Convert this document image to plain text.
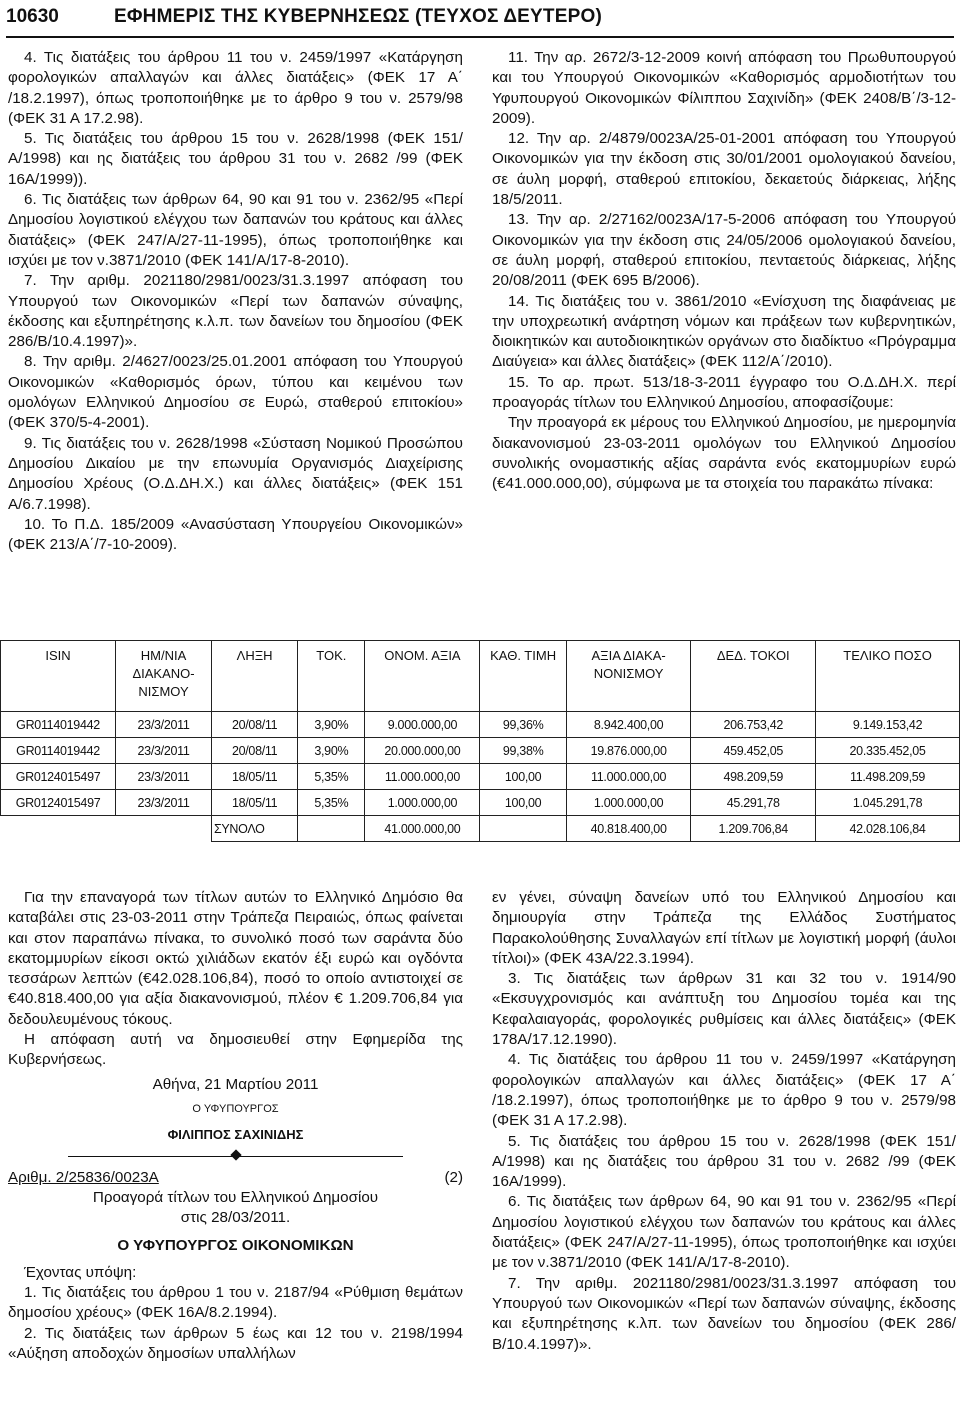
10630	ΕΦΗΜΕΡΙΣ ΤΗΣ ΚΥΒΕΡΝΗΣΕΩΣ (ΤΕΥΧΟΣ ΔΕΥΤΕΡΟ)

4. Τις διατάξεις του άρθρου 11 του ν. 2459/1997 «Κατάργηση φορολογικών απαλλαγών και άλλες διατάξεις» (ΦΕΚ 17 Α΄ /18.2.1997), όπως τροποποιήθηκε με το άρθρο 9 του ν. 2579/98 (ΦΕΚ 31 Α 17.2.98).

5. Τις διατάξεις του άρθρου 15 του ν. 2628/1998 (ΦΕΚ 151/Α/1998) και ης διατάξεις του άρθρου 31 του ν. 2682 /99 (ΦΕΚ 16Α/1999)).

6. Τις διατάξεις των άρθρων 64, 90 και 91 του ν. 2362/95 «Περί Δημοσίου λογιστικού ελέγχου των δαπανών του κράτους και άλλες διατάξεις» (ΦΕΚ 247/Α/27-11-1995), όπως τροποποιήθηκε και ισχύει με τον ν.3871/2010 (ΦΕΚ 141/Α/17-8-2010).

7. Την αριθμ. 2021180/2981/0023/31.3.1997 απόφαση του Υπουργού των Οικονομικών «Περί των δαπανών σύναψης, έκδοσης και εξυπηρέτησης κ.λ.π. των δανείων του δημοσίου (ΦΕΚ 286/Β/10.4.1997)».

8. Την αριθμ. 2/4627/0023/25.01.2001 απόφαση του Υπουργού Οικονομικών «Καθορισμός όρων, τύπου και κειμένου των ομολόγων Ελληνικού Δημοσίου σε Ευρώ, σταθερού επιτοκίου» (ΦΕΚ 370/5-4-2001).

9. Τις διατάξεις του ν. 2628/1998 «Σύσταση Νομικού Προσώπου Δημοσίου Δικαίου με την επωνυμία Οργανισμός Διαχείρισης Δημοσίου Χρέους (Ο.Δ.ΔΗ.Χ.) και άλλες διατάξεις» (ΦΕΚ 151 Α/6.7.1998).

10. Το Π.Δ. 185/2009 «Ανασύσταση Υπουργείου Οικονομικών» (ΦΕΚ 213/Α΄/7-10-2009).

11. Την αρ. 2672/3-12-2009 κοινή απόφαση του Πρωθυπουργού και του Υπουργού Οικονομικών «Καθορισμός αρμοδιοτήτων του Υφυπουργού Οικονομικών Φίλιππου Σαχινίδη» (ΦΕΚ 2408/Β΄/3-12-2009).

12. Την αρ. 2/4879/0023Α/25-01-2001 απόφαση του Υπουργού Οικονομικών για την έκδοση στις 30/01/2001 ομολογιακού δανείου, σε άυλη μορφή, σταθερού επιτοκίου, δεκαετούς διάρκειας, λήξης 18/5/2011.

13. Την αρ. 2/27162/0023Α/17-5-2006 απόφαση του Υπουργού Οικονομικών για την έκδοση στις 24/05/2006 ομολογιακού δανείου, σε άυλη μορφή, σταθερού επιτοκίου, πενταετούς διάρκειας, λήξης 20/08/2011 (ΦΕΚ 695 Β/2006).

14. Τις διατάξεις του ν. 3861/2010 «Ενίσχυση της διαφάνειας με την υποχρεωτική ανάρτηση νόμων και πράξεων των κυβερνητικών, διοικητικών και αυτοδιοικητικών οργάνων στο διαδίκτυο «Πρόγραμμα Διαύγεια» και άλλες διατάξεις» (ΦΕΚ 112/Α΄/2010).

15. Το αρ. πρωτ. 513/18-3-2011 έγγραφο του Ο.Δ.ΔΗ.Χ. περί προαγοράς τίτλων του Ελληνικού Δημοσίου, αποφασίζουμε:

Την προαγορά εκ μέρους του Ελληνικού Δημοσίου, με ημερομηνία διακανονισμού 23-03-2011 ομολόγων του Ελληνικού Δημοσίου συνολικής ονομαστικής αξίας σαράντα ενός εκατομμυρίων ευρώ (€41.000.000,00), σύμφωνα με τα στοιχεία του παρακάτω πίνακα:

ISIN	ΗΜ/ΝΙΑ ΔΙΑΚΑΝΟ-ΝΙΣΜΟΥ	ΛΗΞΗ	ΤΟΚ.	ΟΝΟΜ. ΑΞΙΑ	ΚΑΘ. ΤΙΜΗ	ΑΞΙΑ ΔΙΑΚΑ-ΝΟΝΙΣΜΟΥ	ΔΕΔ. ΤΟΚΟΙ	ΤΕΛΙΚΟ ΠΟΣΟ
GR0114019442	23/3/2011	20/08/11	3,90%	9.000.000,00	99,36%	8.942.400,00	206.753,42	9.149.153,42
GR0114019442	23/3/2011	20/08/11	3,90%	20.000.000,00	99,38%	19.876.000,00	459.452,05	20.335.452,05
GR0124015497	23/3/2011	18/05/11	5,35%	11.000.000,00	100,00	11.000.000,00	498.209,59	11.498.209,59
GR0124015497	23/3/2011	18/05/11	5,35%	1.000.000,00	100,00	1.000.000,00	45.291,78	1.045.291,78
		ΣΥΝΟΛΟ		41.000.000,00		40.818.400,00	1.209.706,84	42.028.106,84

Για την επαναγορά των τίτλων αυτών το Ελληνικό Δημόσιο θα καταβάλει στις 23-03-2011 στην Τράπεζα Πειραιώς, όπως φαίνεται και στον παραπάνω πίνακα, το συνολικό ποσό των σαράντα δύο εκατομμυρίων είκοσι οκτώ χιλιάδων εκατόν έξι ευρώ και ογδόντα τεσσάρων λεπτών (€42.028.106,84), ποσό το οποίο αντιστοιχεί σε €40.818.400,00 για αξία διακανονισμού, πλέον € 1.209.706,84 για δεδουλευμένους τόκους.

Η απόφαση αυτή να δημοσιευθεί στην Εφημερίδα της Κυβερνήσεως.

Αθήνα, 21 Μαρτίου 2011

Ο ΥΦΥΠΟΥΡΓΟΣ

ΦΙΛΙΠΠΟΣ ΣΑΧΙΝΙΔΗΣ

Αριθμ. 2/25836/0023Α	(2)

Προαγορά τίτλων του Ελληνικού Δημοσίου

στις 28/03/2011.

Ο ΥΦΥΠΟΥΡΓΟΣ ΟΙΚΟΝΟΜΙΚΩΝ

Έχοντας υπόψη:

1. Τις διατάξεις του άρθρου 1 του ν. 2187/94 «Ρύθμιση θεμάτων δημοσίου χρέους» (ΦΕΚ 16Α/8.2.1994).

2. Τις διατάξεις των άρθρων 5 έως και 12 του ν. 2198/1994 «Αύξηση αποδοχών δημοσίων υπαλλήλων

εν γένει, σύναψη δανείων υπό του Ελληνικού Δημοσίου και δημιουργία στην Τράπεζα της Ελλάδος Συστήματος Παρακολούθησης Συναλλαγών επί τίτλων με λογιστική μορφή (άυλοι τίτλοι)» (ΦΕΚ 43Α/22.3.1994).

3. Τις διατάξεις των άρθρων 31 και 32 του ν. 1914/90 «Εκσυγχρονισμός και ανάπτυξη του Δημοσίου τομέα και της Κεφαλαιαγοράς, φορολογικές ρυθμίσεις και άλλες διατάξεις» (ΦΕΚ 178Α/17.12.1990).

4. Τις διατάξεις του άρθρου 11 του ν. 2459/1997 «Κατάργηση φορολογικών απαλλαγών και άλλες διατάξεις» (ΦΕΚ 17 Α΄ /18.2.1997), όπως τροποποιήθηκε με το άρθρο 9 του ν. 2579/98 (ΦΕΚ 31 Α 17.2.98).

5. Τις διατάξεις του άρθρου 15 του ν. 2628/1998 (ΦΕΚ 151/Α/1998) και ης διατάξεις του άρθρου 31 του ν. 2682 /99 (ΦΕΚ 16Α/1999).

6. Τις διατάξεις των άρθρων 64, 90 και 91 του ν. 2362/95 «Περί Δημοσίου λογιστικού ελέγχου των δαπανών του κράτους και άλλες διατάξεις» (ΦΕΚ 247/Α/27-11-1995), όπως τροποποιήθηκε και ισχύει με τον ν.3871/2010 (ΦΕΚ 141/Α/17-8-2010).

7. Την αριθμ. 2021180/2981/0023/31.3.1997 απόφαση του Υπουργού των Οικονομικών «Περί των δαπανών σύναψης, έκδοσης και εξυπηρέτησης κ.λπ. των δανείων του δημοσίου (ΦΕΚ 286/Β/10.4.1997)».
